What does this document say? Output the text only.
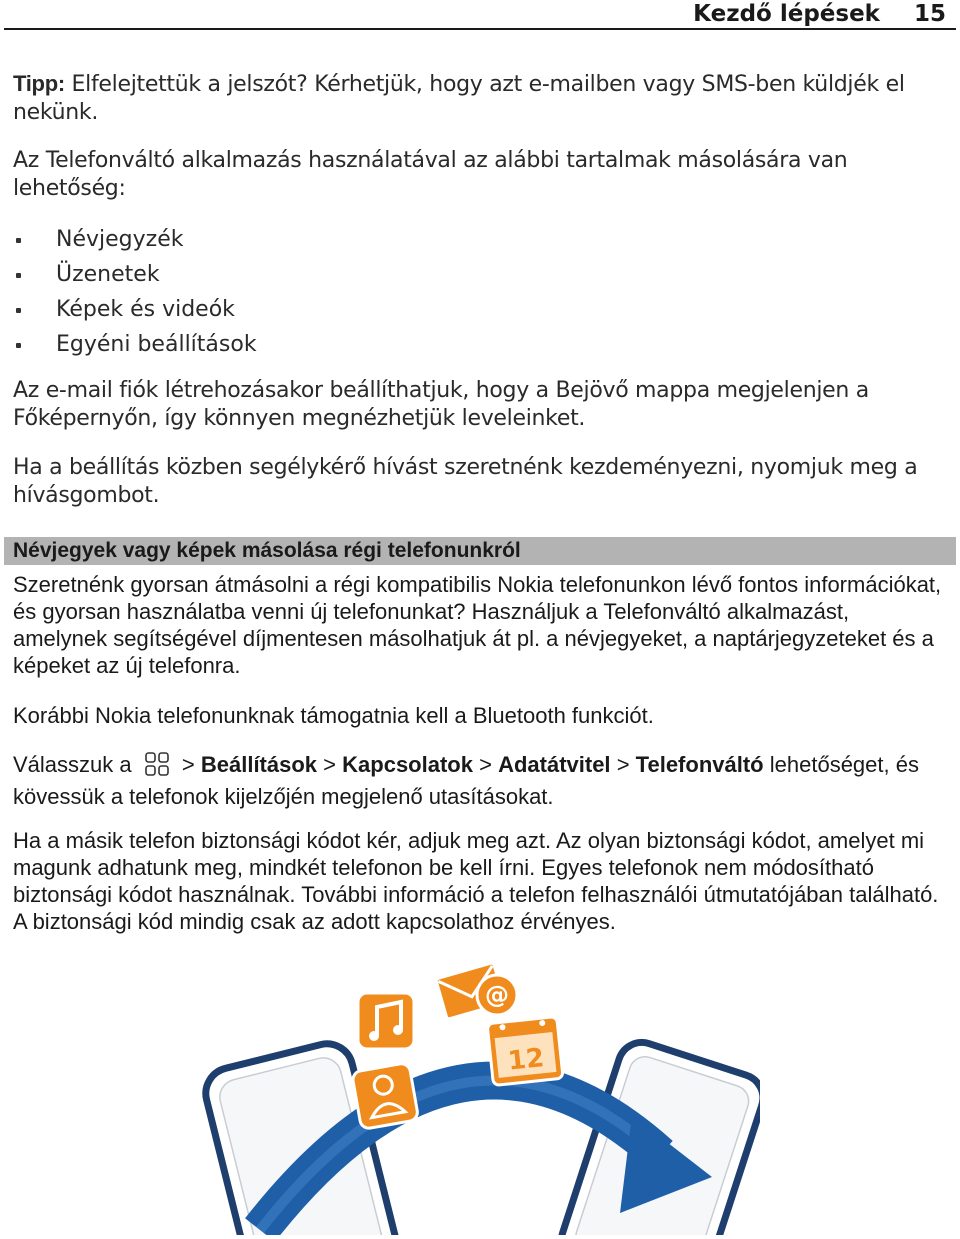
Kezdő lépések 15

Tipp: Elfelejtettük a jelszót? Kérhetjük, hogy azt e-mailben vagy SMS-ben küldjék el nekünk.

Az Telefonváltó alkalmazás használatával az alábbi tartalmak másolására van lehetőség:

Névjegyzék
Üzenetek
Képek és videók
Egyéni beállítások

Az e-mail fiók létrehozásakor beállíthatjuk, hogy a Bejövő mappa megjelenjen a Főképernyőn, így könnyen megnézhetjük leveleinket.

Ha a beállítás közben segélykérő hívást szeretnénk kezdeményezni, nyomjuk meg a hívásgombot.

Névjegyek vagy képek másolása régi telefonunkról

Szeretnénk gyorsan átmásolni a régi kompatibilis Nokia telefonunkon lévő fontos információkat, és gyorsan használatba venni új telefonunkat? Használjuk a Telefonváltó alkalmazást, amelynek segítségével díjmentesen másolhatjuk át pl. a névjegyeket, a naptárjegyzeteket és a képeket az új telefonra.

Korábbi Nokia telefonunknak támogatnia kell a Bluetooth funkciót.

Válasszuk a > Beállítások > Kapcsolatok > Adatátvitel > Telefonváltó lehetőséget, és kövessük a telefonok kijelzőjén megjelenő utasításokat.

Ha a másik telefon biztonsági kódot kér, adjuk meg azt. Az olyan biztonsági kódot, amelyet mi magunk adhatunk meg, mindkét telefonon be kell írni. Egyes telefonok nem módosítható biztonsági kódot használnak. További információ a telefon felhasználói útmutatójában található. A biztonsági kód mindig csak az adott kapcsolathoz érvényes.

@
12
